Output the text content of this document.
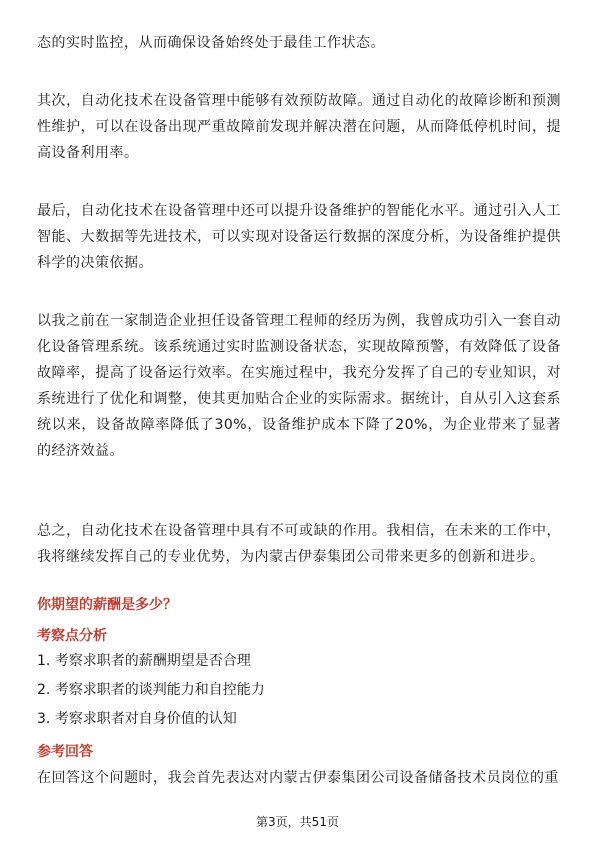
态的实时监控，从而确保设备始终处于最佳工作状态。

其次，自动化技术在设备管理中能够有效预防故障。通过自动化的故障诊断和预测性维护，可以在设备出现严重故障前发现并解决潜在问题，从而降低停机时间，提高设备利用率。

最后，自动化技术在设备管理中还可以提升设备维护的智能化水平。通过引入人工智能、大数据等先进技术，可以实现对设备运行数据的深度分析，为设备维护提供科学的决策依据。

以我之前在一家制造企业担任设备管理工程师的经历为例，我曾成功引入一套自动化设备管理系统。该系统通过实时监测设备状态，实现故障预警，有效降低了设备故障率，提高了设备运行效率。在实施过程中，我充分发挥了自己的专业知识，对系统进行了优化和调整，使其更加贴合企业的实际需求。据统计，自从引入这套系统以来，设备故障率降低了30%，设备维护成本下降了20%，为企业带来了显著的经济效益。

总之，自动化技术在设备管理中具有不可或缺的作用。我相信，在未来的工作中，我将继续发挥自己的专业优势，为内蒙古伊泰集团公司带来更多的创新和进步。

你期望的薪酬是多少？

考察点分析

1. 考察求职者的薪酬期望是否合理

2. 考察求职者的谈判能力和自控能力

3. 考察求职者对自身价值的认知

参考回答

在回答这个问题时，我会首先表达对内蒙古伊泰集团公司设备储备技术员岗位的重

第3页，共51页
